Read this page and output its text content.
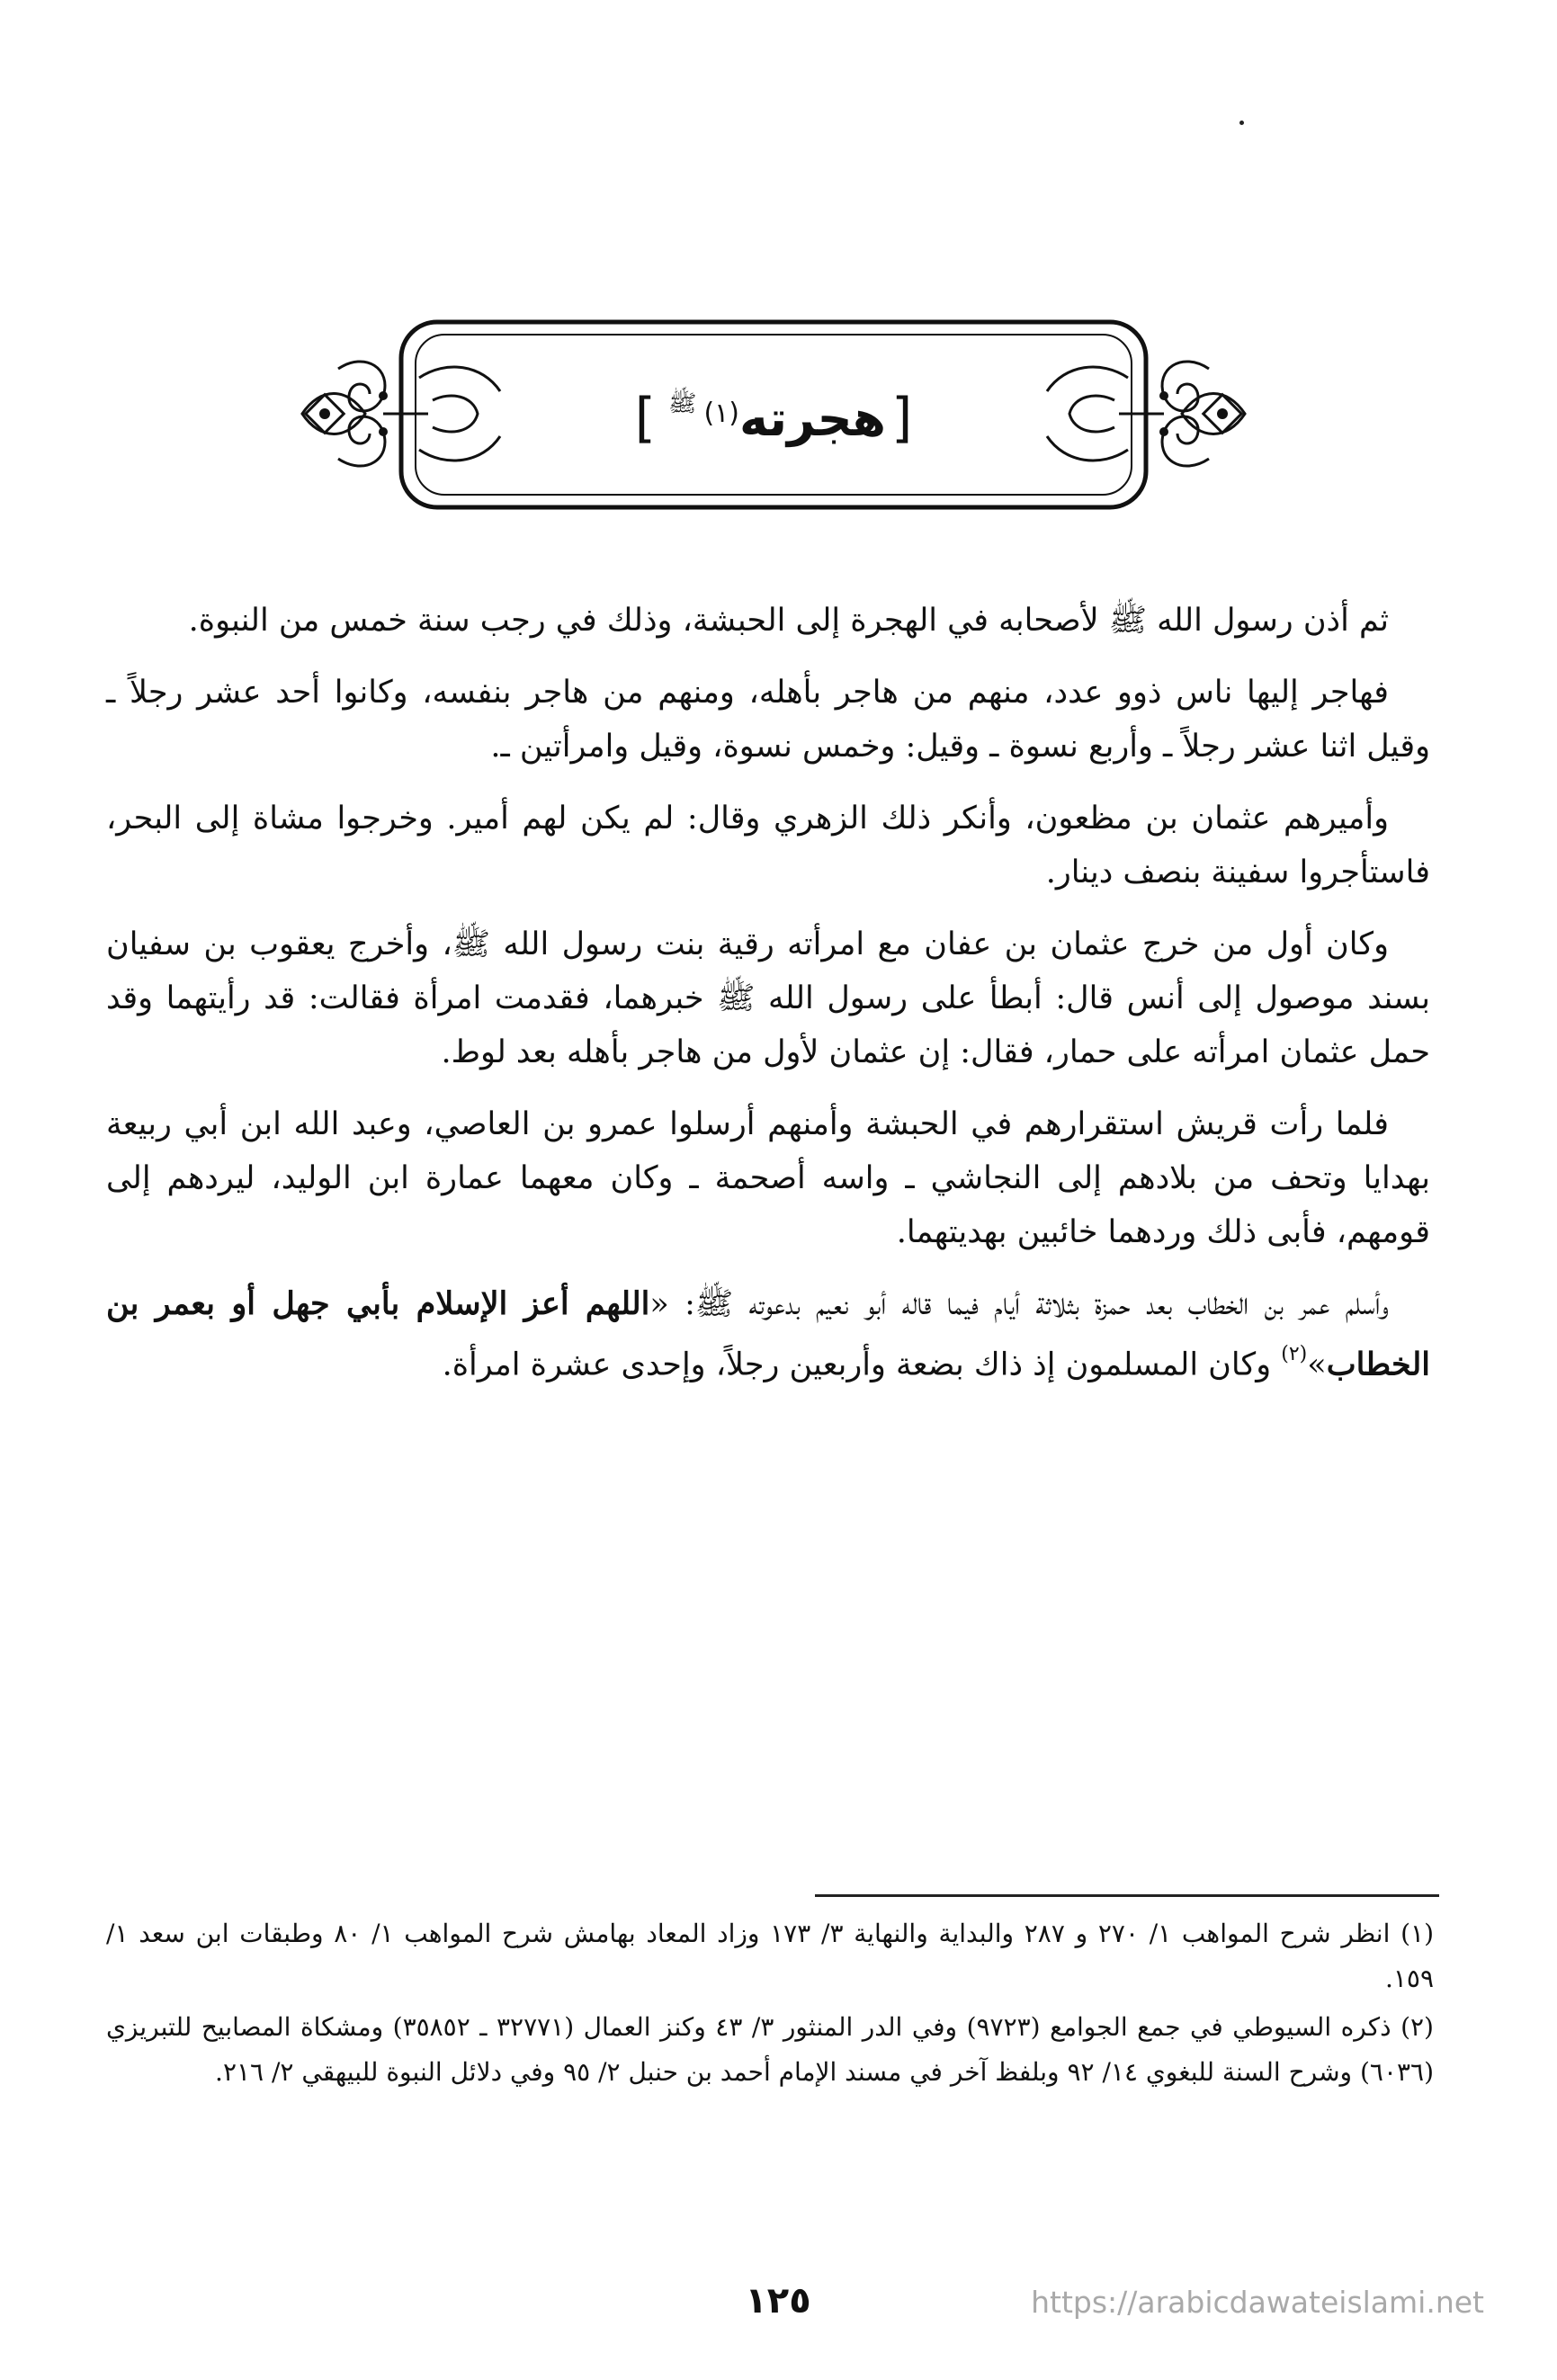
[
هجرته
$^{(١)}$
ﷺ
]

ثم أذن رسول الله ﷺ لأصحابه في الهجرة إلى الحبشة، وذلك في رجب سنة خمس من النبوة.

فهاجر إليها ناس ذوو عدد، منهم من هاجر بأهله، ومنهم من هاجر بنفسه، وكانوا أحد عشر رجلاً ـ وقيل اثنا عشر رجلاً ـ وأربع نسوة ـ وقيل: وخمس نسوة، وقيل وامرأتين ـ.

وأميرهم عثمان بن مظعون، وأنكر ذلك الزهري وقال: لم يكن لهم أمير. وخرجوا مشاة إلى البحر، فاستأجروا سفينة بنصف دينار.

وكان أول من خرج عثمان بن عفان مع امرأته رقية بنت رسول الله ﷺ، وأخرج يعقوب بن سفيان بسند موصول إلى أنس قال: أبطأ على رسول الله ﷺ خبرهما، فقدمت امرأة فقالت: قد رأيتهما وقد حمل عثمان امرأته على حمار، فقال: إن عثمان لأول من هاجر بأهله بعد لوط.

فلما رأت قريش استقرارهم في الحبشة وأمنهم أرسلوا عمرو بن العاصي، وعبد الله ابن أبي ربيعة بهدايا وتحف من بلادهم إلى النجاشي ـ واسه أصحمة ـ وكان معهما عمارة ابن الوليد، ليردهم إلى قومهم، فأبى ذلك وردهما خائبين بهديتهما.

وأسلم عمر بن الخطاب بعد حمزة بثلاثة أيام فيما قاله أبو نعيم بدعوته ﷺ: «اللهم أعز الإسلام بأبي جهل أو بعمر بن الخطاب»$^{(٢)}$ وكان المسلمون إذ ذاك بضعة وأربعين رجلاً، وإحدى عشرة امرأة.

(١) انظر شرح المواهب ١/ ٢٧٠ و ٢٨٧ والبداية والنهاية ٣/ ١٧٣ وزاد المعاد بهامش شرح المواهب ١/ ٨٠ وطبقات ابن سعد ١/ ١٥٩.

(٢) ذكره السيوطي في جمع الجوامع (٩٧٢٣) وفي الدر المنثور ٣/ ٤٣ وكنز العمال (٣٢٧٧١ ـ ٣٥٨٥٢) ومشكاة المصابيح للتبريزي (٦٠٣٦) وشرح السنة للبغوي ١٤/ ٩٢ وبلفظ آخر في مسند الإمام أحمد بن حنبل ٢/ ٩٥ وفي دلائل النبوة للبيهقي ٢/ ٢١٦.

١٢٥	https://arabicdawateislami.net
